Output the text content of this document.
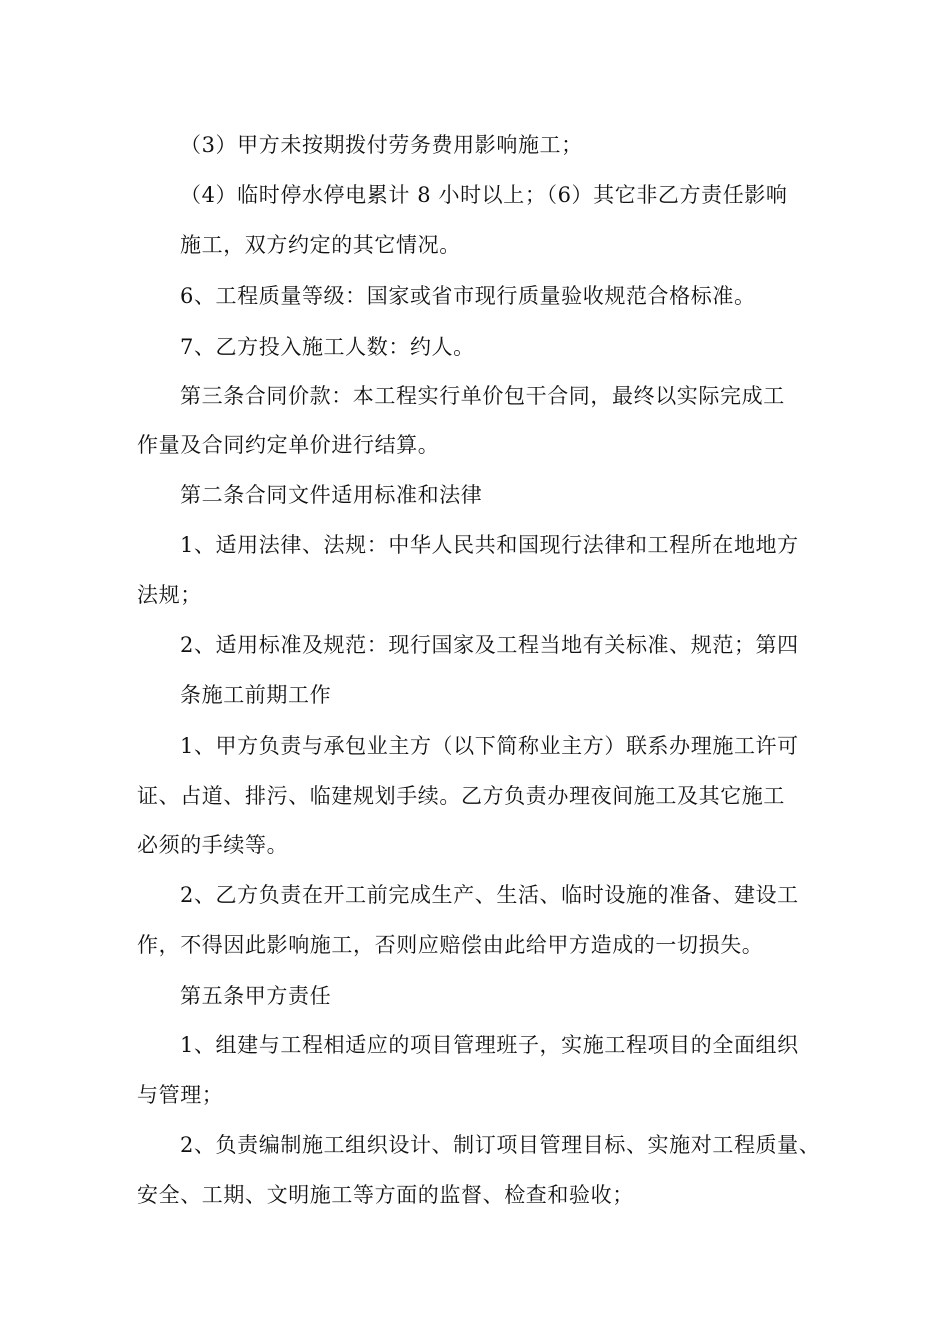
（3）甲方未按期拨付劳务费用影响施工；
（4）临时停水停电累计 8 小时以上；（6）其它非乙方责任影响
施工，双方约定的其它情况。
6、工程质量等级：国家或省市现行质量验收规范合格标准。
7、乙方投入施工人数：约人。
第三条合同价款：本工程实行单价包干合同，最终以实际完成工
作量及合同约定单价进行结算。
第二条合同文件适用标准和法律
1、适用法律、法规：中华人民共和国现行法律和工程所在地地方
法规；
2、适用标准及规范：现行国家及工程当地有关标准、规范；第四
条施工前期工作
1、甲方负责与承包业主方（以下简称业主方）联系办理施工许可
证、占道、排污、临建规划手续。乙方负责办理夜间施工及其它施工
必须的手续等。
2、乙方负责在开工前完成生产、生活、临时设施的准备、建设工
作，不得因此影响施工，否则应赔偿由此给甲方造成的一切损失。
第五条甲方责任
1、组建与工程相适应的项目管理班子，实施工程项目的全面组织
与管理；
2、负责编制施工组织设计、制订项目管理目标、实施对工程质量、
安全、工期、文明施工等方面的监督、检查和验收；
